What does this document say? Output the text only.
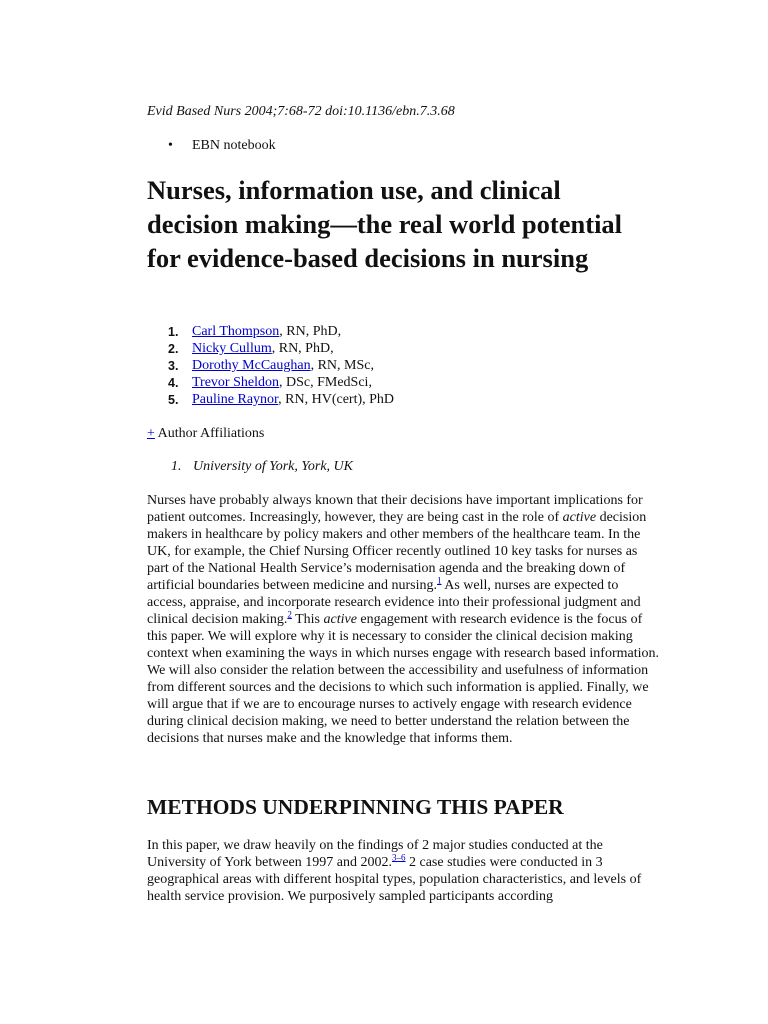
Evid Based Nurs 2004;7:68-72 doi:10.1136/ebn.7.3.68
• EBN notebook
Nurses, information use, and clinical decision making—the real world potential for evidence-based decisions in nursing
1. Carl Thompson, RN, PhD,
2. Nicky Cullum, RN, PhD,
3. Dorothy McCaughan, RN, MSc,
4. Trevor Sheldon, DSc, FMedSci,
5. Pauline Raynor, RN, HV(cert), PhD
+ Author Affiliations
1. University of York, York, UK

Nurses have probably always known that their decisions have important implications for patient outcomes. Increasingly, however, they are being cast in the role of active decision makers in healthcare by policy makers and other members of the healthcare team. In the UK, for example, the Chief Nursing Officer recently outlined 10 key tasks for nurses as part of the National Health Service’s modernisation agenda and the breaking down of artificial boundaries between medicine and nursing.$^1$ As well, nurses are expected to access, appraise, and incorporate research evidence into their professional judgment and clinical decision making.$^2$ This active engagement with research evidence is the focus of this paper. We will explore why it is necessary to consider the clinical decision making context when examining the ways in which nurses engage with research based information. We will also consider the relation between the accessibility and usefulness of information from different sources and the decisions to which such information is applied. Finally, we will argue that if we are to encourage nurses to actively engage with research evidence during clinical decision making, we need to better understand the relation between the decisions that nurses make and the knowledge that informs them.

METHODS UNDERPINNING THIS PAPER

In this paper, we draw heavily on the findings of 2 major studies conducted at the University of York between 1997 and 2002.$^{3-6}$ 2 case studies were conducted in 3 geographical areas with different hospital types, population characteristics, and levels of health service provision. We purposively sampled participants according
